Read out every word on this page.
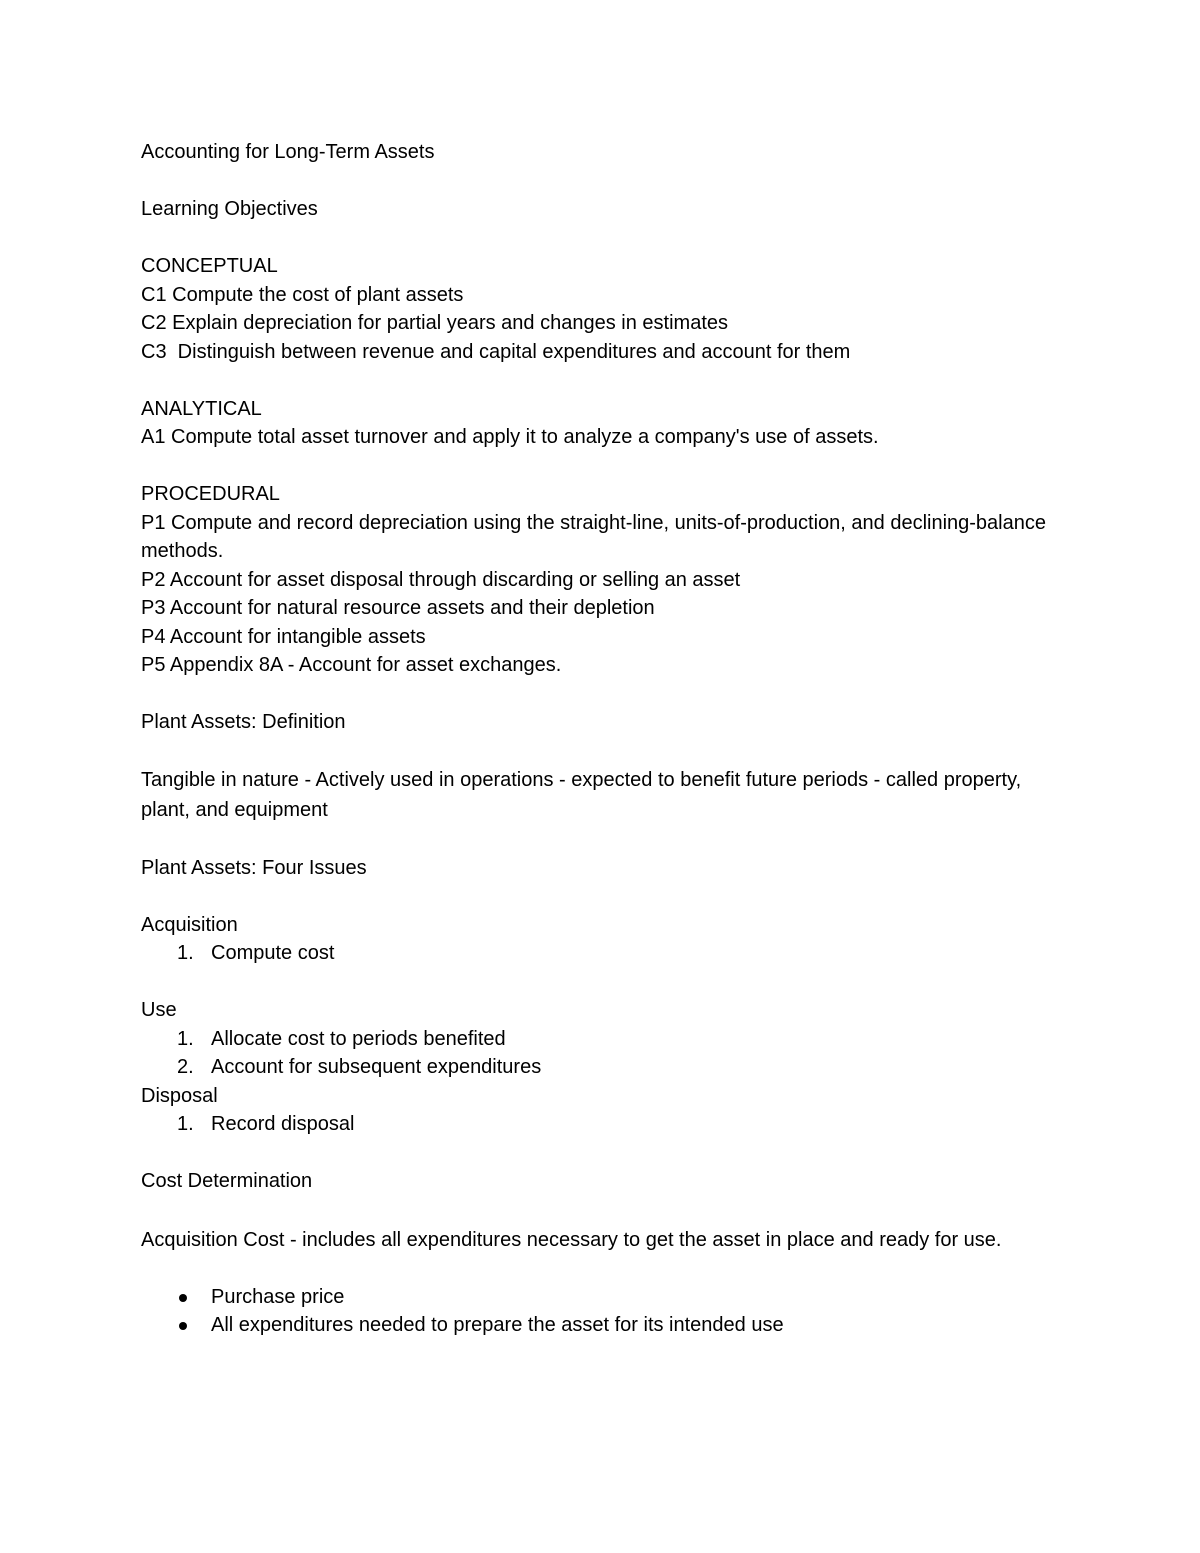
Accounting for Long-Term Assets

Learning Objectives

CONCEPTUAL

C1 Compute the cost of plant assets

C2 Explain depreciation for partial years and changes in estimates

C3  Distinguish between revenue and capital expenditures and account for them

ANALYTICAL

A1 Compute total asset turnover and apply it to analyze a company's use of assets.

PROCEDURAL

P1 Compute and record depreciation using the straight-line, units-of-production, and declining-balance methods.

P2 Account for asset disposal through discarding or selling an asset

P3 Account for natural resource assets and their depletion

P4 Account for intangible assets

P5 Appendix 8A - Account for asset exchanges.

Plant Assets: Definition

Tangible in nature - Actively used in operations - expected to benefit future periods - called property, plant, and equipment

Plant Assets: Four Issues

Acquisition

1. Compute cost

Use

1. Allocate cost to periods benefited
2. Account for subsequent expenditures

Disposal

1. Record disposal

Cost Determination

Acquisition Cost - includes all expenditures necessary to get the asset in place and ready for use.

Purchase price
All expenditures needed to prepare the asset for its intended use
